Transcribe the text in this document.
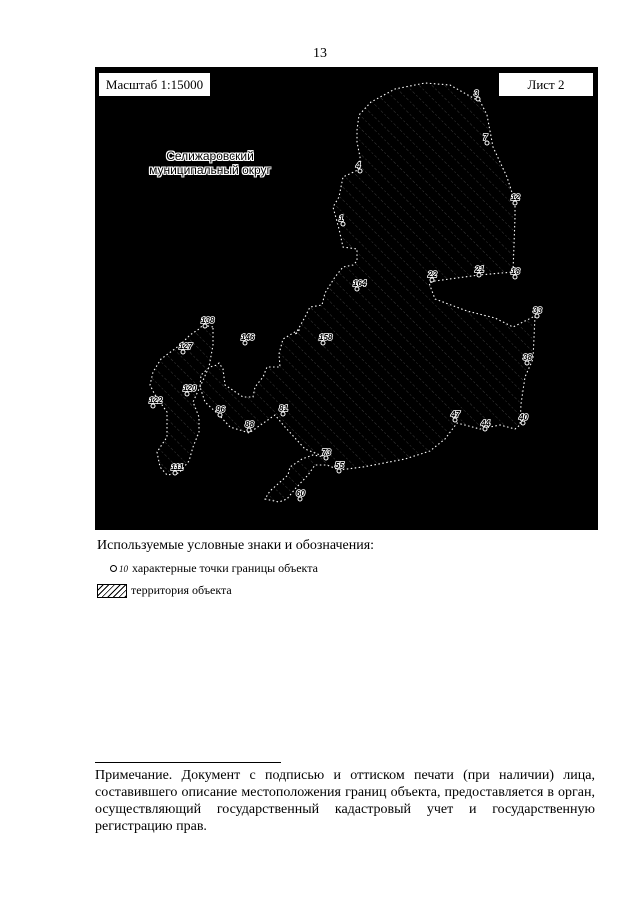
13
3
7
12
18
21
22
33
38
40
44
47
55
60
73
81
88
96
111
122
120
127
138
146	158
164
1
4
Масштаб 1:15000	Лист 2
Селижаровский
муниципальный округ
Используемые условные знаки и обозначения:
10 характерные точки границы объекта
территория объекта
Примечание. Документ с подписью и оттиском печати (при наличии) лица, составившего описание местоположения границ объекта, предоставляется в орган, осуществляющий государственный кадастровый учет и государственную регистрацию прав.
